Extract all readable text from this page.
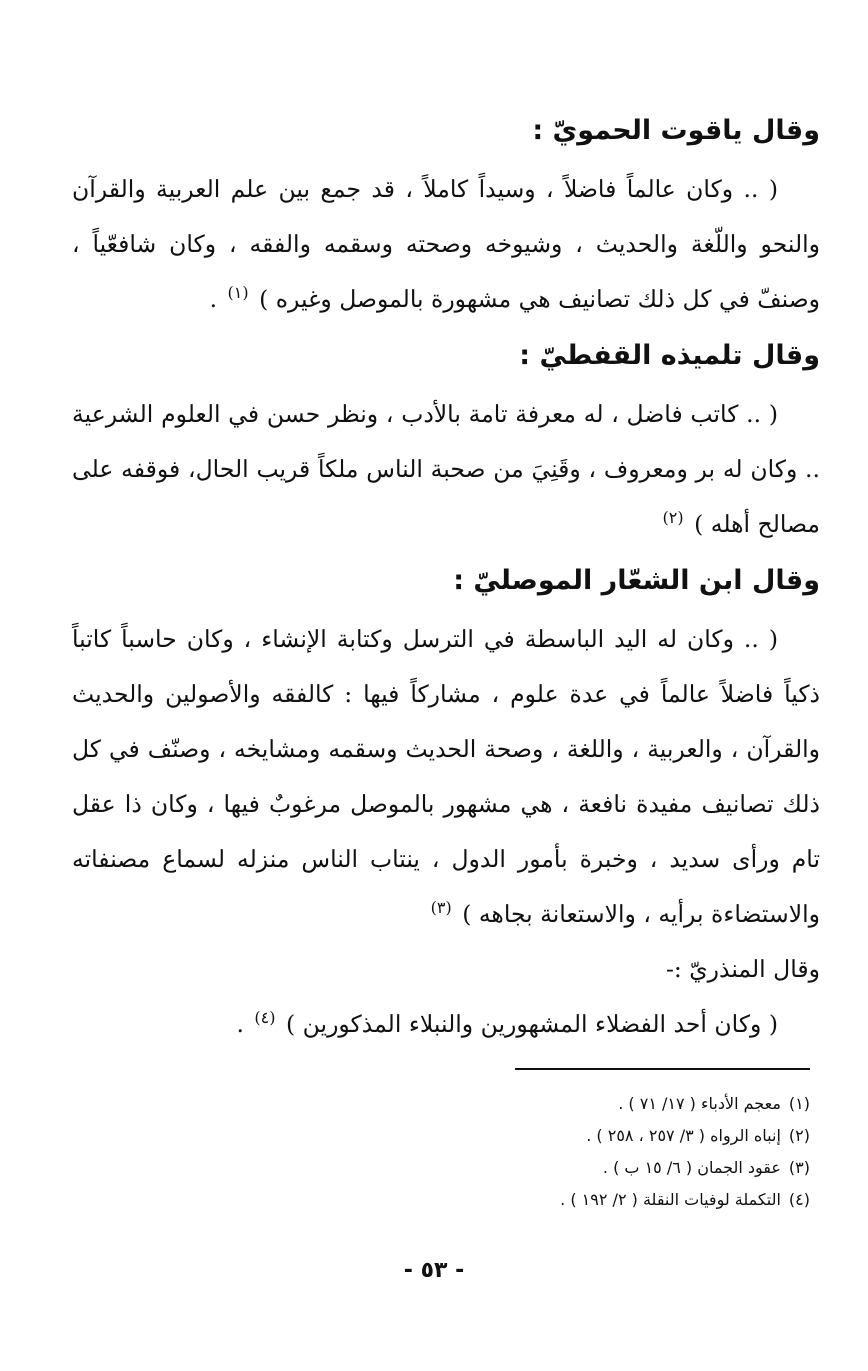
وقال ياقوت الحمويّ :

( .. وكان عالماً فاضلاً ، وسيداً كاملاً ، قد جمع بين علم العربية والقرآن والنحو واللّغة والحديث ، وشيوخه وصحته وسقمه والفقه ، وكان شافعّياً ، وصنفّ في كل ذلك تصانيف هي مشهورة بالموصل وغيره ) $^{(١)}$ .

وقال تلميذه القفطيّ :

( .. كاتب فاضل ، له معرفة تامة بالأدب ، ونظر حسن في العلوم الشرعية .. وكان له بر ومعروف ، وقَنِيَ من صحبة الناس ملكاً قريب الحال، فوقفه على مصالح أهله ) $^{(٢)}$

وقال ابن الشعّار الموصليّ :

( .. وكان له اليد الباسطة في الترسل وكتابة الإنشاء ، وكان حاسباً كاتباً ذكياً فاضلاً عالماً في عدة علوم ، مشاركاً فيها : كالفقه والأصولين والحديث والقرآن ، والعربية ، واللغة ، وصحة الحديث وسقمه ومشايخه ، وصنّف في كل ذلك تصانيف مفيدة نافعة ، هي مشهور بالموصل مرغوبٌ فيها ، وكان ذا عقل تام ورأى سديد ، وخبرة بأمور الدول ، ينتاب الناس منزله لسماع مصنفاته والاستضاءة برأيه ، والاستعانة بجاهه ) $^{(٣)}$

وقال المنذريّ :-

( وكان أحد الفضلاء المشهورين والنبلاء المذكورين ) $^{(٤)}$ .

(١)معجم الأدباء ( ١٧/ ٧١ ) .

(٢)إنباه الرواه ( ٣/ ٢٥٧ ، ٢٥٨ ) .

(٣)عقود الجمان ( ٦/ ١٥ ب ) .

(٤)التكملة لوفيات النقلة ( ٢/ ١٩٢ ) .

- ٥٣ -
